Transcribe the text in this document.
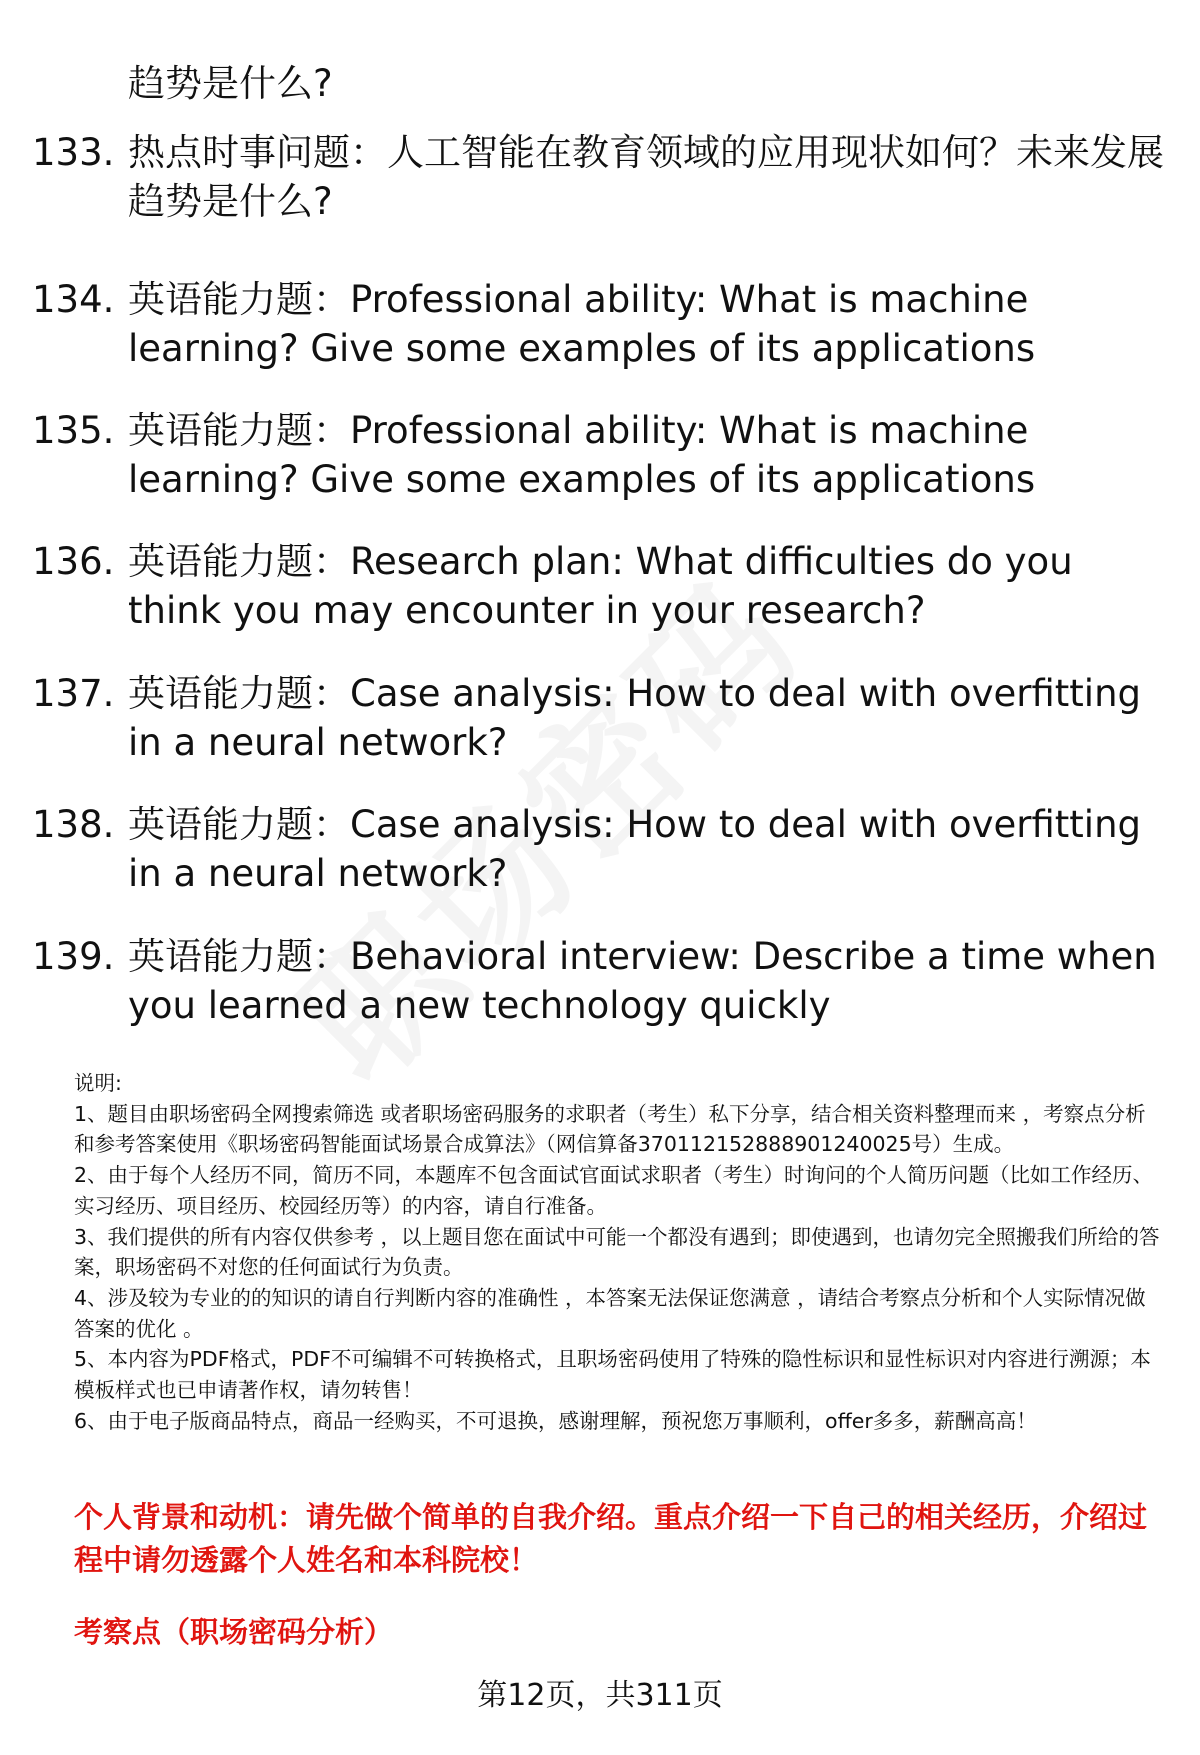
趋势是什么?
133. 热点时事问题：人工智能在教育领域的应用现状如何？未来发展趋势是什么?
134. 英语能力题：Professional ability: What is machine learning? Give some examples of its applications
135. 英语能力题：Professional ability: What is machine learning? Give some examples of its applications
136. 英语能力题：Research plan: What difficulties do you think you may encounter in your research?
137. 英语能力题：Case analysis: How to deal with overfitting in a neural network?
138. 英语能力题：Case analysis: How to deal with overfitting in a neural network?
139. 英语能力题：Behavioral interview: Describe a time when you learned a new technology quickly

说明:

1、题目由职场密码全网搜索筛选 或者职场密码服务的求职者（考生）私下分享，结合相关资料整理而来 ，考察点分析和参考答案使用《职场密码智能面试场景合成算法》（网信算备370112152888901240025号）生成。

2、由于每个人经历不同，简历不同，本题库不包含面试官面试求职者（考生）时询问的个人简历问题（比如工作经历、实习经历、项目经历、校园经历等）的内容，请自行准备。

3、我们提供的所有内容仅供参考 ，以上题目您在面试中可能一个都没有遇到；即使遇到，也请勿完全照搬我们所给的答案，职场密码不对您的任何面试行为负责。

4、涉及较为专业的的知识的请自行判断内容的准确性 ，本答案无法保证您满意 ，请结合考察点分析和个人实际情况做答案的优化 。

5、本内容为PDF格式，PDF不可编辑不可转换格式，且职场密码使用了特殊的隐性标识和显性标识对内容进行溯源；本模板样式也已申请著作权，请勿转售！

6、由于电子版商品特点，商品一经购买，不可退换，感谢理解，预祝您万事顺利，offer多多，薪酬高高！

个人背景和动机：请先做个简单的自我介绍。重点介绍一下自己的相关经历，介绍过程中请勿透露个人姓名和本科院校！
考察点（职场密码分析）
第12页，共311页
